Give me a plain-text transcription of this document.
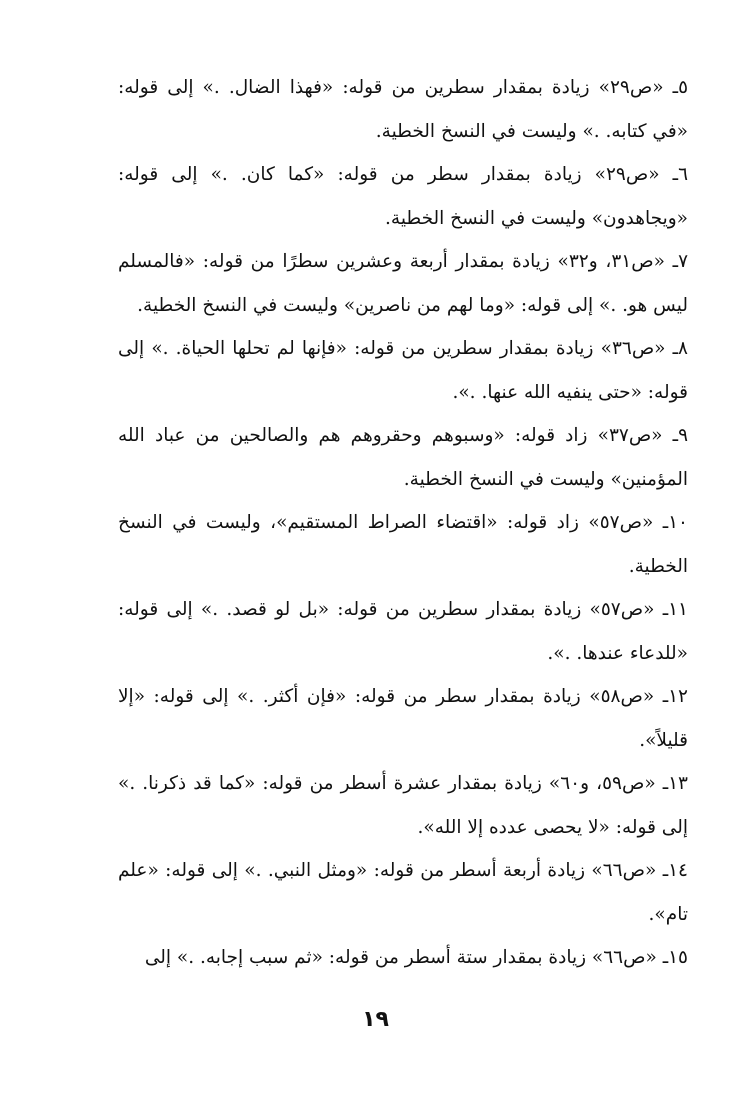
٥ـ «ص٢٩» زيادة بمقدار سطرين من قوله: «فهذا الضال. .» إلى قوله: «في كتابه. .» وليست في النسخ الخطية.

٦ـ «ص٢٩» زيادة بمقدار سطر من قوله: «كما كان. .» إلى قوله: «ويجاهدون» وليست في النسخ الخطية.

٧ـ «ص٣١، و٣٢» زيادة بمقدار أربعة وعشرين سطرًا من قوله: «فالمسلم ليس هو. .» إلى قوله: «وما لهم من ناصرين» وليست في النسخ الخطية.

٨ـ «ص٣٦» زيادة بمقدار سطرين من قوله: «فإنها لم تحلها الحياة. .» إلى قوله: «حتى ينفيه الله عنها. .».

٩ـ «ص٣٧» زاد قوله: «وسبوهم وحقروهم هم والصالحين من عباد الله المؤمنين» وليست في النسخ الخطية.

١٠ـ «ص٥٧» زاد قوله: «اقتضاء الصراط المستقيم»، وليست في النسخ الخطية.

١١ـ «ص٥٧» زيادة بمقدار سطرين من قوله: «بل لو قصد. .» إلى قوله: «للدعاء عندها. .».

١٢ـ «ص٥٨» زيادة بمقدار سطر من قوله: «فإن أكثر. .» إلى قوله: «إلا قليلاً».

١٣ـ «ص٥٩، و٦٠» زيادة بمقدار عشرة أسطر من قوله: «كما قد ذكرنا. .» إلى قوله: «لا يحصى عدده إلا الله».

١٤ـ «ص٦٦» زيادة أربعة أسطر من قوله: «ومثل النبي. .» إلى قوله: «علم تام».

١٥ـ «ص٦٦» زيادة بمقدار ستة أسطر من قوله: «ثم سبب إجابه. .» إلى

١٩
